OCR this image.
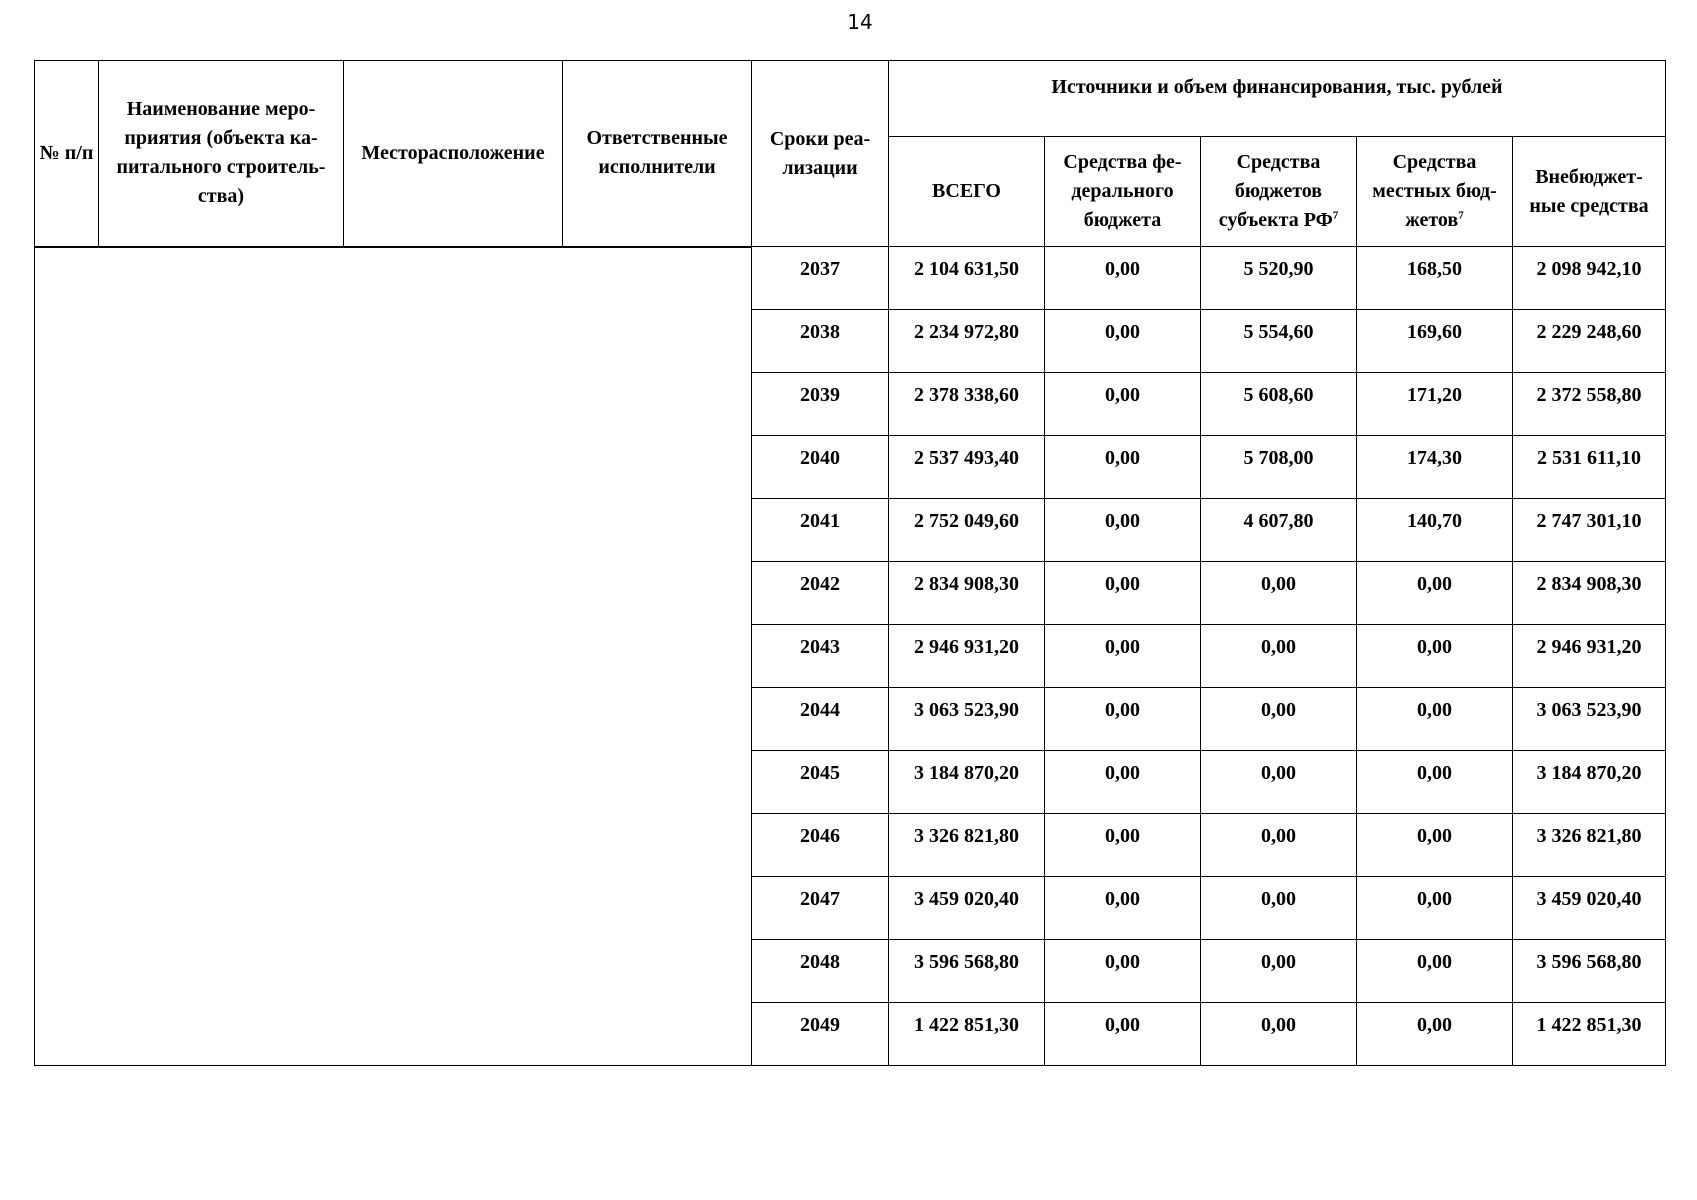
14
№ п/п	Наименование меро-
приятия (объекта ка-
питального строитель-
ства)	Месторасположение	Ответственные
исполнители	Сроки реа-
лизации	Источники и объем финансирования, тыс. рублей				
					ВСЕГО	Средства фе-
дерального
бюджета	Средства
бюджетов
субъекта $РФ^7$	Средства
местных бюд-
жетов$^7$	Внебюджет-
ные средства
				2037	2 104 631,50	0,00	5 520,90	168,50	2 098 942,10
				2038	2 234 972,80	0,00	5 554,60	169,60	2 229 248,60
				2039	2 378 338,60	0,00	5 608,60	171,20	2 372 558,80
				2040	2 537 493,40	0,00	5 708,00	174,30	2 531 611,10
				2041	2 752 049,60	0,00	4 607,80	140,70	2 747 301,10
				2042	2 834 908,30	0,00	0,00	0,00	2 834 908,30
				2043	2 946 931,20	0,00	0,00	0,00	2 946 931,20
				2044	3 063 523,90	0,00	0,00	0,00	3 063 523,90
				2045	3 184 870,20	0,00	0,00	0,00	3 184 870,20
				2046	3 326 821,80	0,00	0,00	0,00	3 326 821,80
				2047	3 459 020,40	0,00	0,00	0,00	3 459 020,40
				2048	3 596 568,80	0,00	0,00	0,00	3 596 568,80
				2049	1 422 851,30	0,00	0,00	0,00	1 422 851,30
